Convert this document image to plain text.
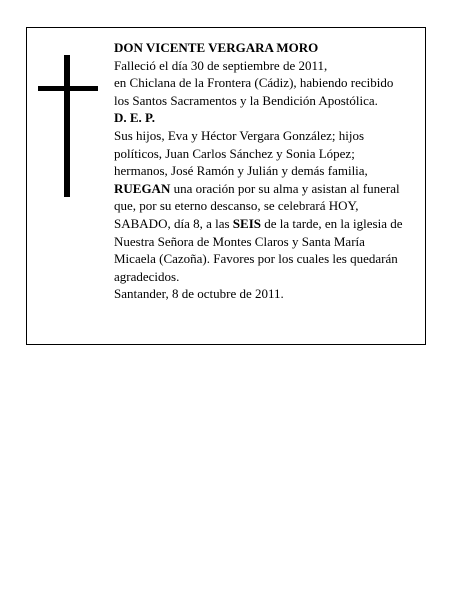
DON VICENTE VERGARA MORO

Falleció el día 30 de septiembre de 2011,

en Chiclana de la Frontera (Cádiz), habiendo recibido

los Santos Sacramentos y la Bendición Apostólica.

D. E. P.

Sus hijos, Eva y Héctor Vergara González; hijos

políticos, Juan Carlos Sánchez y Sonia López;

hermanos, José Ramón y Julián y demás familia,

RUEGAN una oración por su alma y asistan al funeral

que, por su eterno descanso, se celebrará HOY,

SABADO, día 8, a las SEIS de la tarde, en la iglesia de

Nuestra Señora de Montes Claros y Santa María

Micaela (Cazoña). Favores por los cuales les quedarán

agradecidos.

Santander, 8 de octubre de 2011.
